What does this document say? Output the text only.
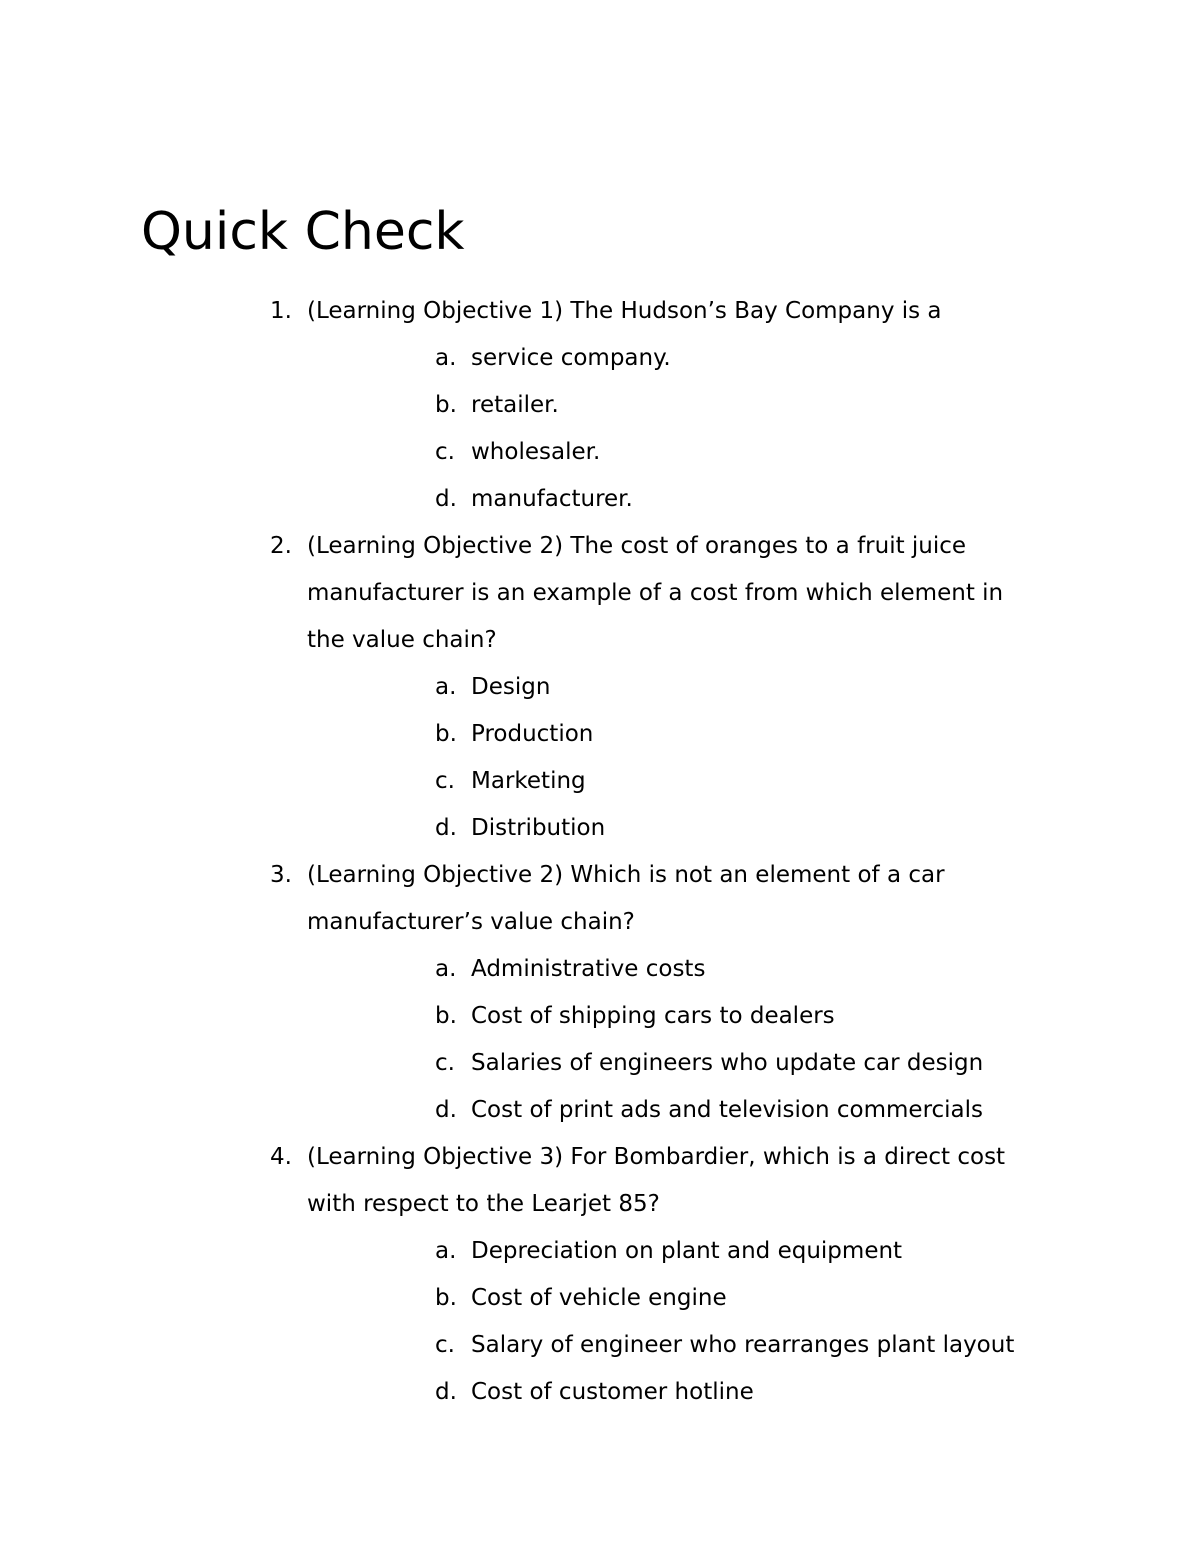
Quick Check
1. (Learning Objective 1) The Hudson’s Bay Company is a
a. service company.
b. retailer.
c. wholesaler.
d. manufacturer.
2. (Learning Objective 2) The cost of oranges to a fruit juice
manufacturer is an example of a cost from which element in
the value chain?
a. Design
b. Production
c. Marketing
d. Distribution
3. (Learning Objective 2) Which is not an element of a car
manufacturer’s value chain?
a. Administrative costs
b. Cost of shipping cars to dealers
c. Salaries of engineers who update car design
d. Cost of print ads and television commercials
4. (Learning Objective 3) For Bombardier, which is a direct cost
with respect to the Learjet 85?
a. Depreciation on plant and equipment
b. Cost of vehicle engine
c. Salary of engineer who rearranges plant layout
d. Cost of customer hotline
